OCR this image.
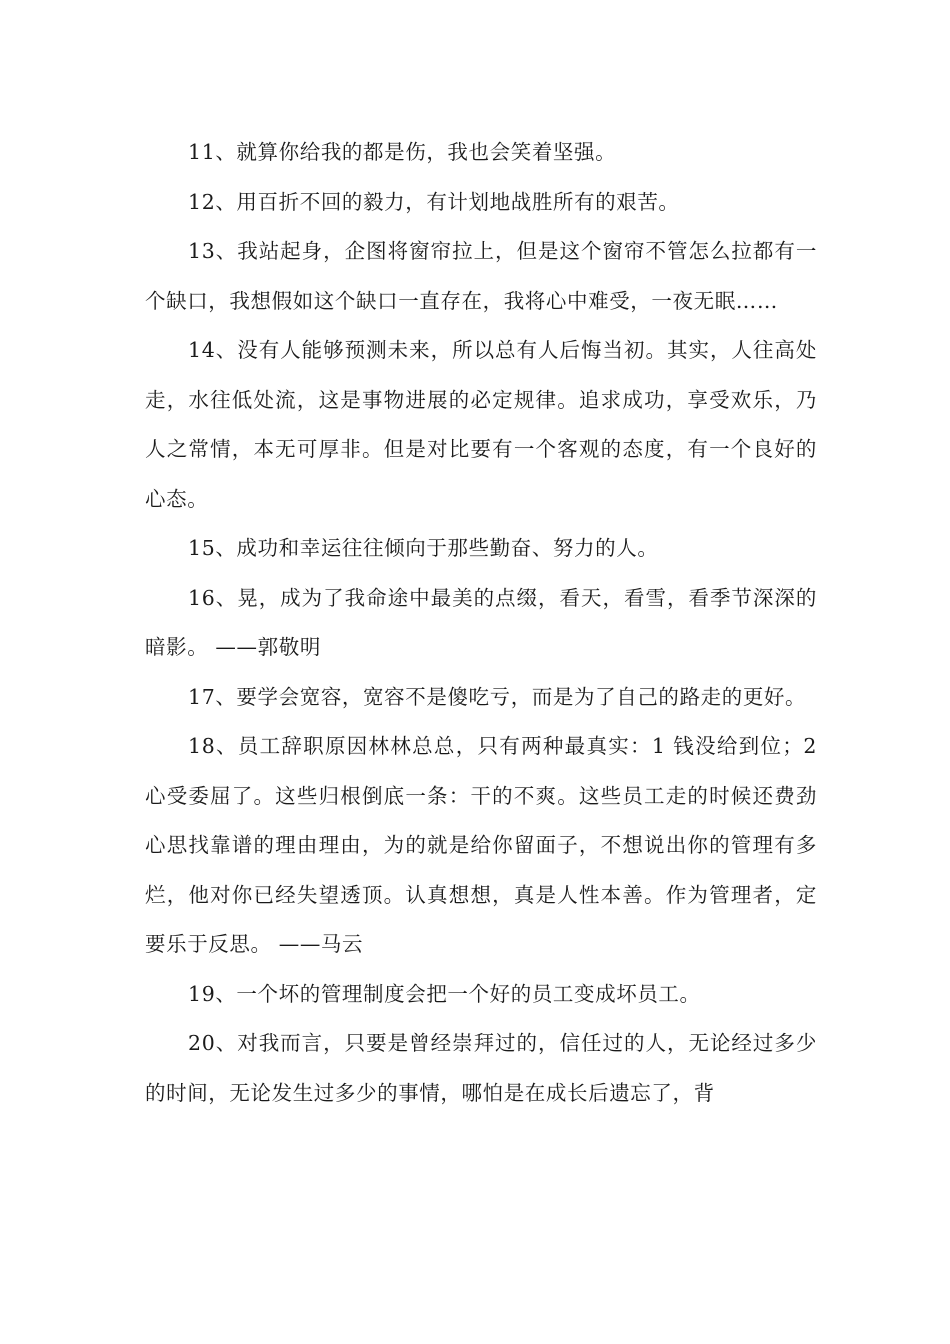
11、就算你给我的都是伤，我也会笑着坚强。

12、用百折不回的毅力，有计划地战胜所有的艰苦。

13、我站起身，企图将窗帘拉上，但是这个窗帘不管怎么拉都有一个缺口，我想假如这个缺口一直存在，我将心中难受，一夜无眠……

14、没有人能够预测未来，所以总有人后悔当初。其实，人往高处走，水往低处流，这是事物进展的必定规律。追求成功，享受欢乐，乃人之常情，本无可厚非。但是对比要有一个客观的态度，有一个良好的心态。

15、成功和幸运往往倾向于那些勤奋、努力的人。

16、晃，成为了我命途中最美的点缀，看天，看雪，看季节深深的暗影。 ——郭敬明

17、要学会宽容，宽容不是傻吃亏，而是为了自己的路走的更好。

18、员工辞职原因林林总总，只有两种最真实：1 钱没给到位；2 心受委屈了。这些归根倒底一条：干的不爽。这些员工走的时候还费劲心思找靠谱的理由理由，为的就是给你留面子，不想说出你的管理有多烂，他对你已经失望透顶。认真想想，真是人性本善。作为管理者，定要乐于反思。 ——马云

19、一个坏的管理制度会把一个好的员工变成坏员工。

20、对我而言，只要是曾经崇拜过的，信任过的人，无论经过多少的时间，无论发生过多少的事情，哪怕是在成长后遗忘了，背
